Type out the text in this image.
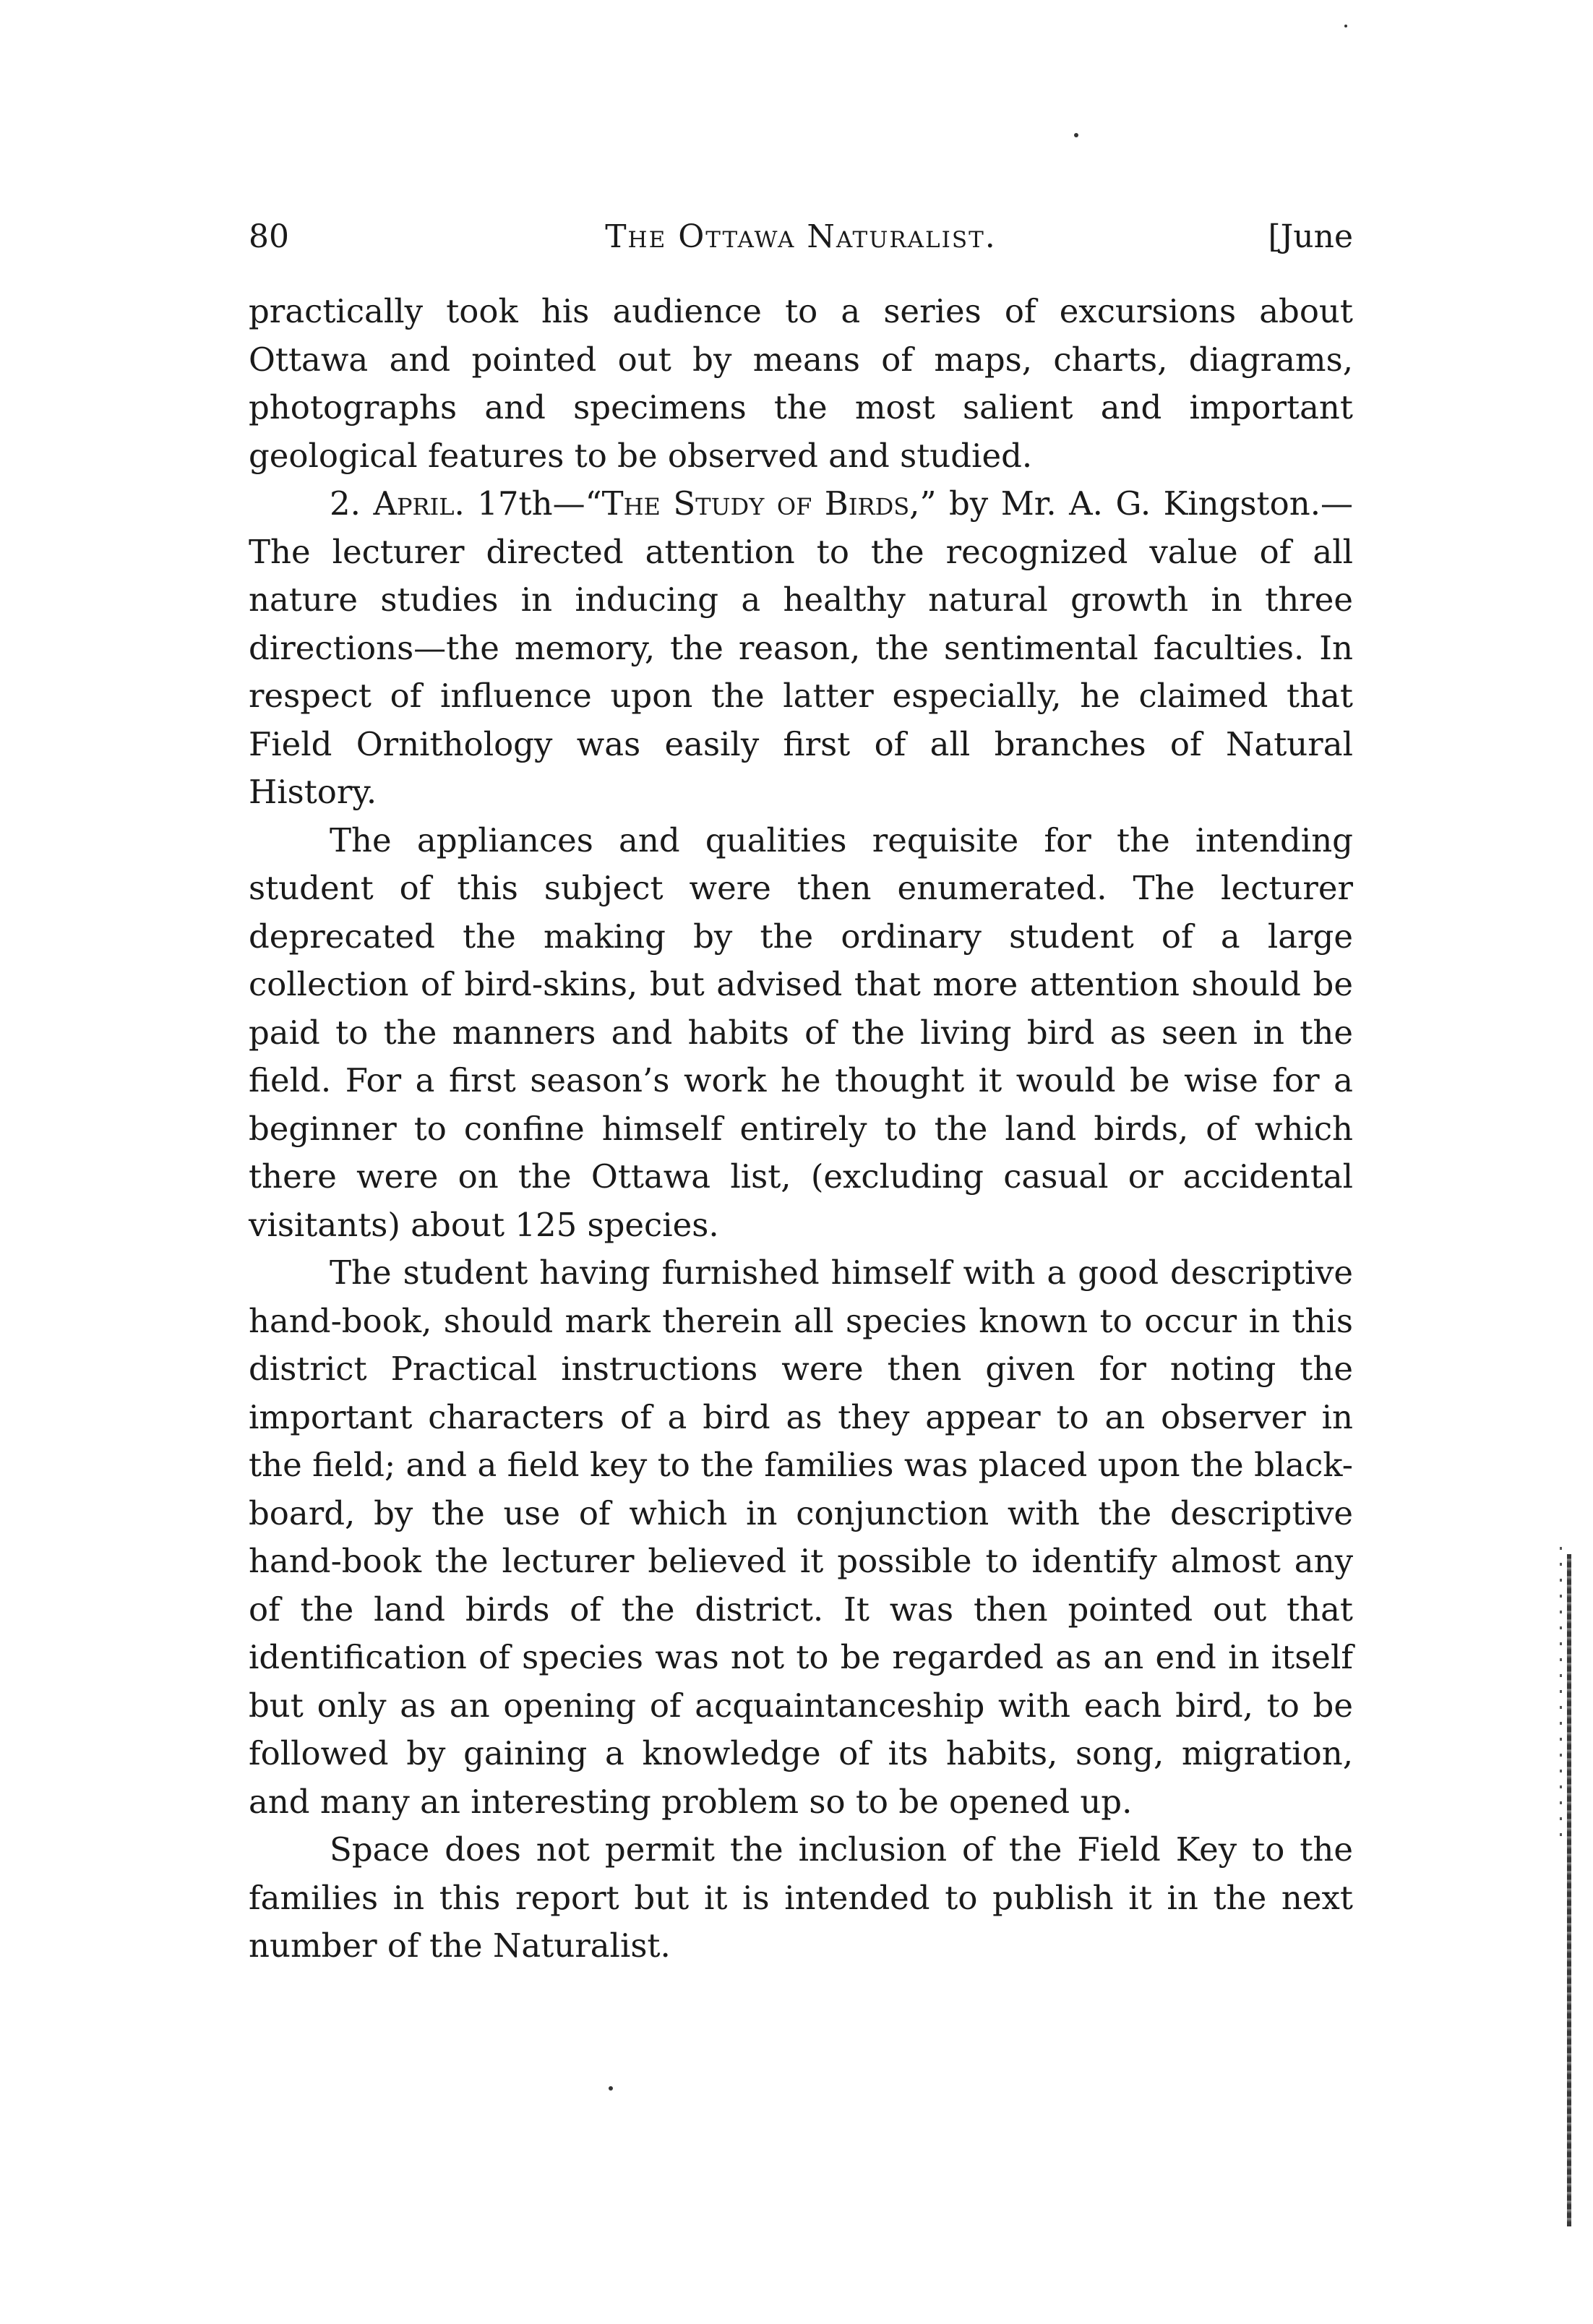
80	The Ottawa Naturalist.	[June

practically took his audience to a series of excursions about Ottawa and pointed out by means of maps, charts, diagrams, photographs and specimens the most salient and important geological features to be observed and studied.

2. April. 17th—“The Study of Birds,” by Mr. A. G. Kingston.—The lecturer directed attention to the recognized value of all nature studies in inducing a healthy natural growth in three directions—the memory, the reason, the sentimental faculties. In respect of influence upon the latter especially, he claimed that Field Ornithology was easily first of all branches of Natural History.

The appliances and qualities requisite for the intending student of this subject were then enumerated. The lecturer deprecated the making by the ordinary student of a large collection of bird-skins, but advised that more attention should be paid to the manners and habits of the living bird as seen in the field. For a first season’s work he thought it would be wise for a beginner to confine himself entirely to the land birds, of which there were on the Ottawa list, (excluding casual or accidental visitants) about 125 species.

The student having furnished himself with a good descriptive hand-book, should mark therein all species known to occur in this district Practical instructions were then given for noting the important characters of a bird as they appear to an observer in the field; and a field key to the families was placed upon the black-board, by the use of which in conjunction with the descriptive hand-book the lecturer believed it possible to identify almost any of the land birds of the district. It was then pointed out that identification of species was not to be regarded as an end in itself but only as an opening of acquaintanceship with each bird, to be followed by gaining a knowledge of its habits, song, migration, and many an interesting problem so to be opened up.

Space does not permit the inclusion of the Field Key to the families in this report but it is intended to publish it in the next number of the Naturalist.
